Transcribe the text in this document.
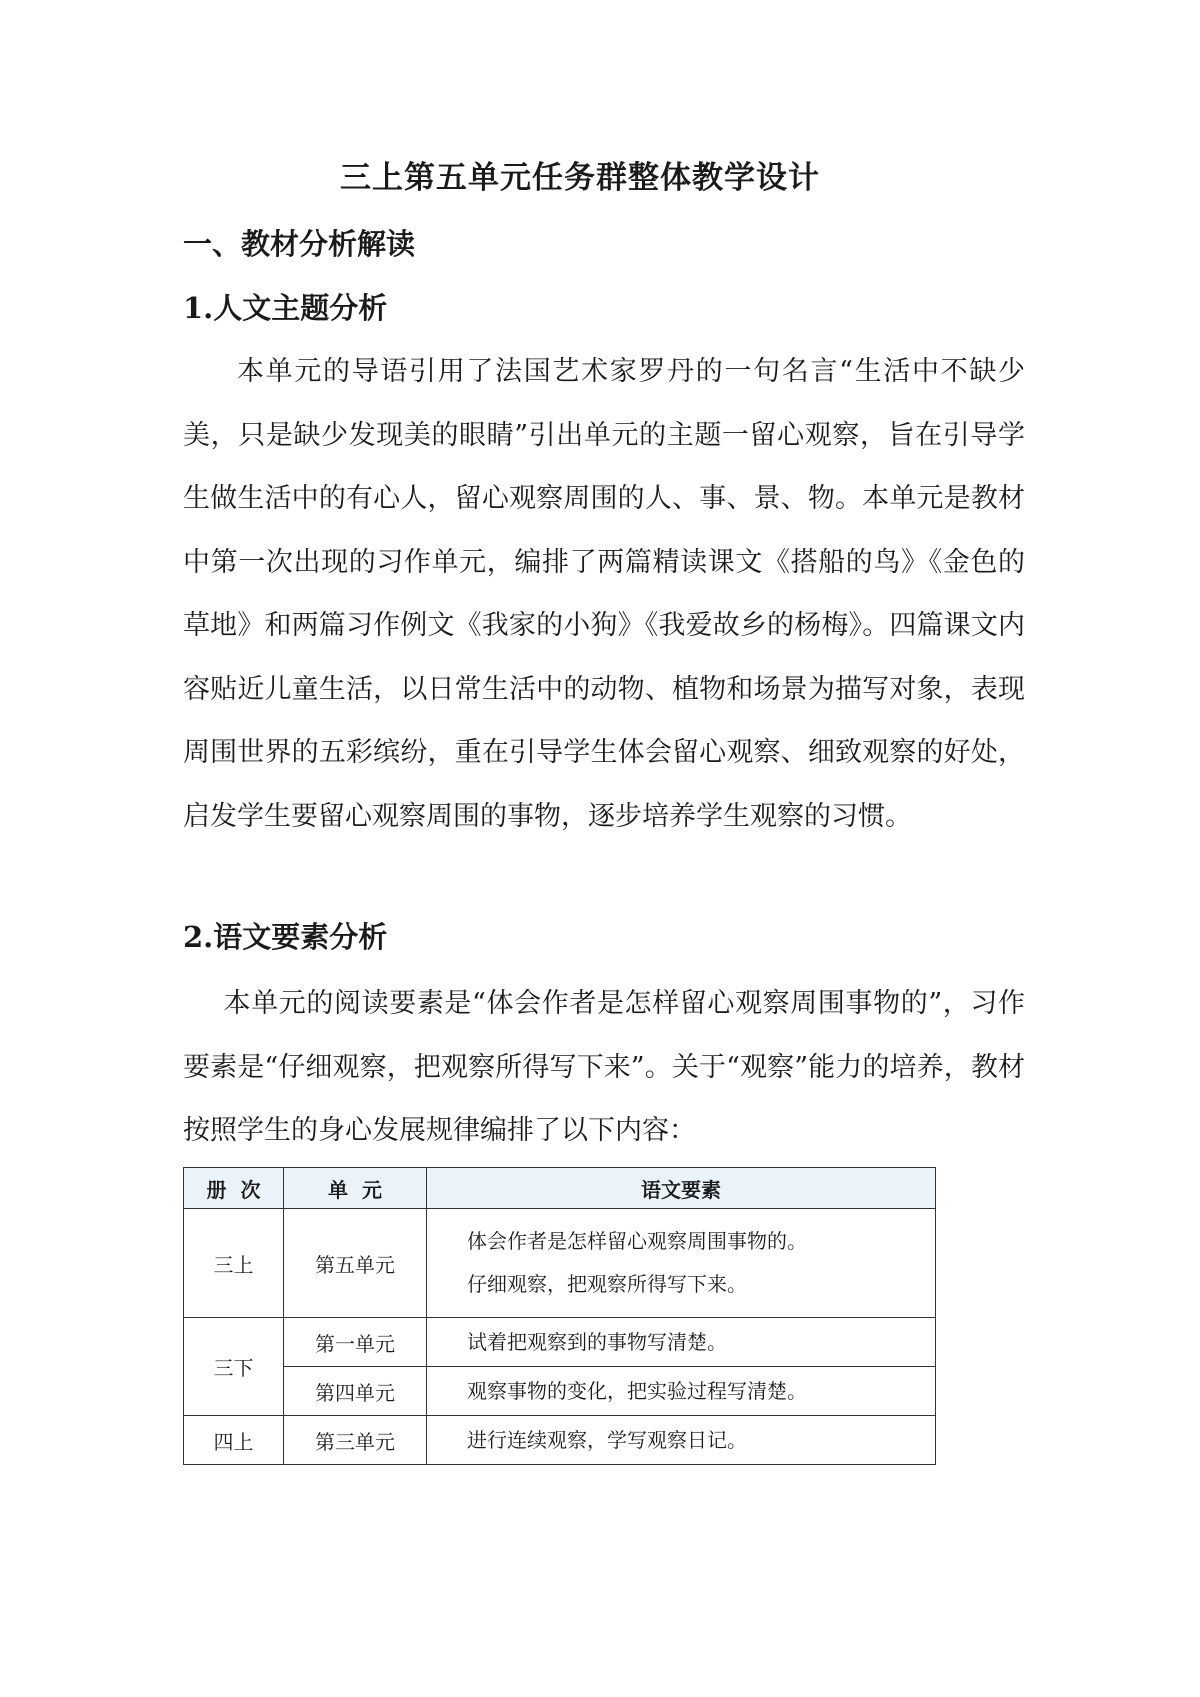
三上第五单元任务群整体教学设计
一、教材分析解读
1.人文主题分析

本单元的导语引用了法国艺术家罗丹的一句名言“生活中不缺少美，只是缺少发现美的眼睛”引出单元的主题一留心观察，旨在引导学生做生活中的有心人，留心观察周围的人、事、景、物。本单元是教材中第一次出现的习作单元，编排了两篇精读课文《搭船的鸟》《金色的草地》和两篇习作例文《我家的小狗》《我爱故乡的杨梅》。四篇课文内容贴近儿童生活，以日常生活中的动物、植物和场景为描写对象，表现周围世界的五彩缤纷，重在引导学生体会留心观察、细致观察的好处，启发学生要留心观察周围的事物，逐步培养学生观察的习惯。

2.语文要素分析

本单元的阅读要素是“体会作者是怎样留心观察周围事物的”，习作要素是“仔细观察，把观察所得写下来”。关于“观察”能力的培养，教材按照学生的身心发展规律编排了以下内容：

册  次	单  元	语文要素
三上	第五单元	体会作者是怎样留心观察周围事物的。 仔细观察，把观察所得写下来。
三下	第一单元	试着把观察到的事物写清楚。
	第四单元	观察事物的变化，把实验过程写清楚。
四上	第三单元	进行连续观察，学写观察日记。
